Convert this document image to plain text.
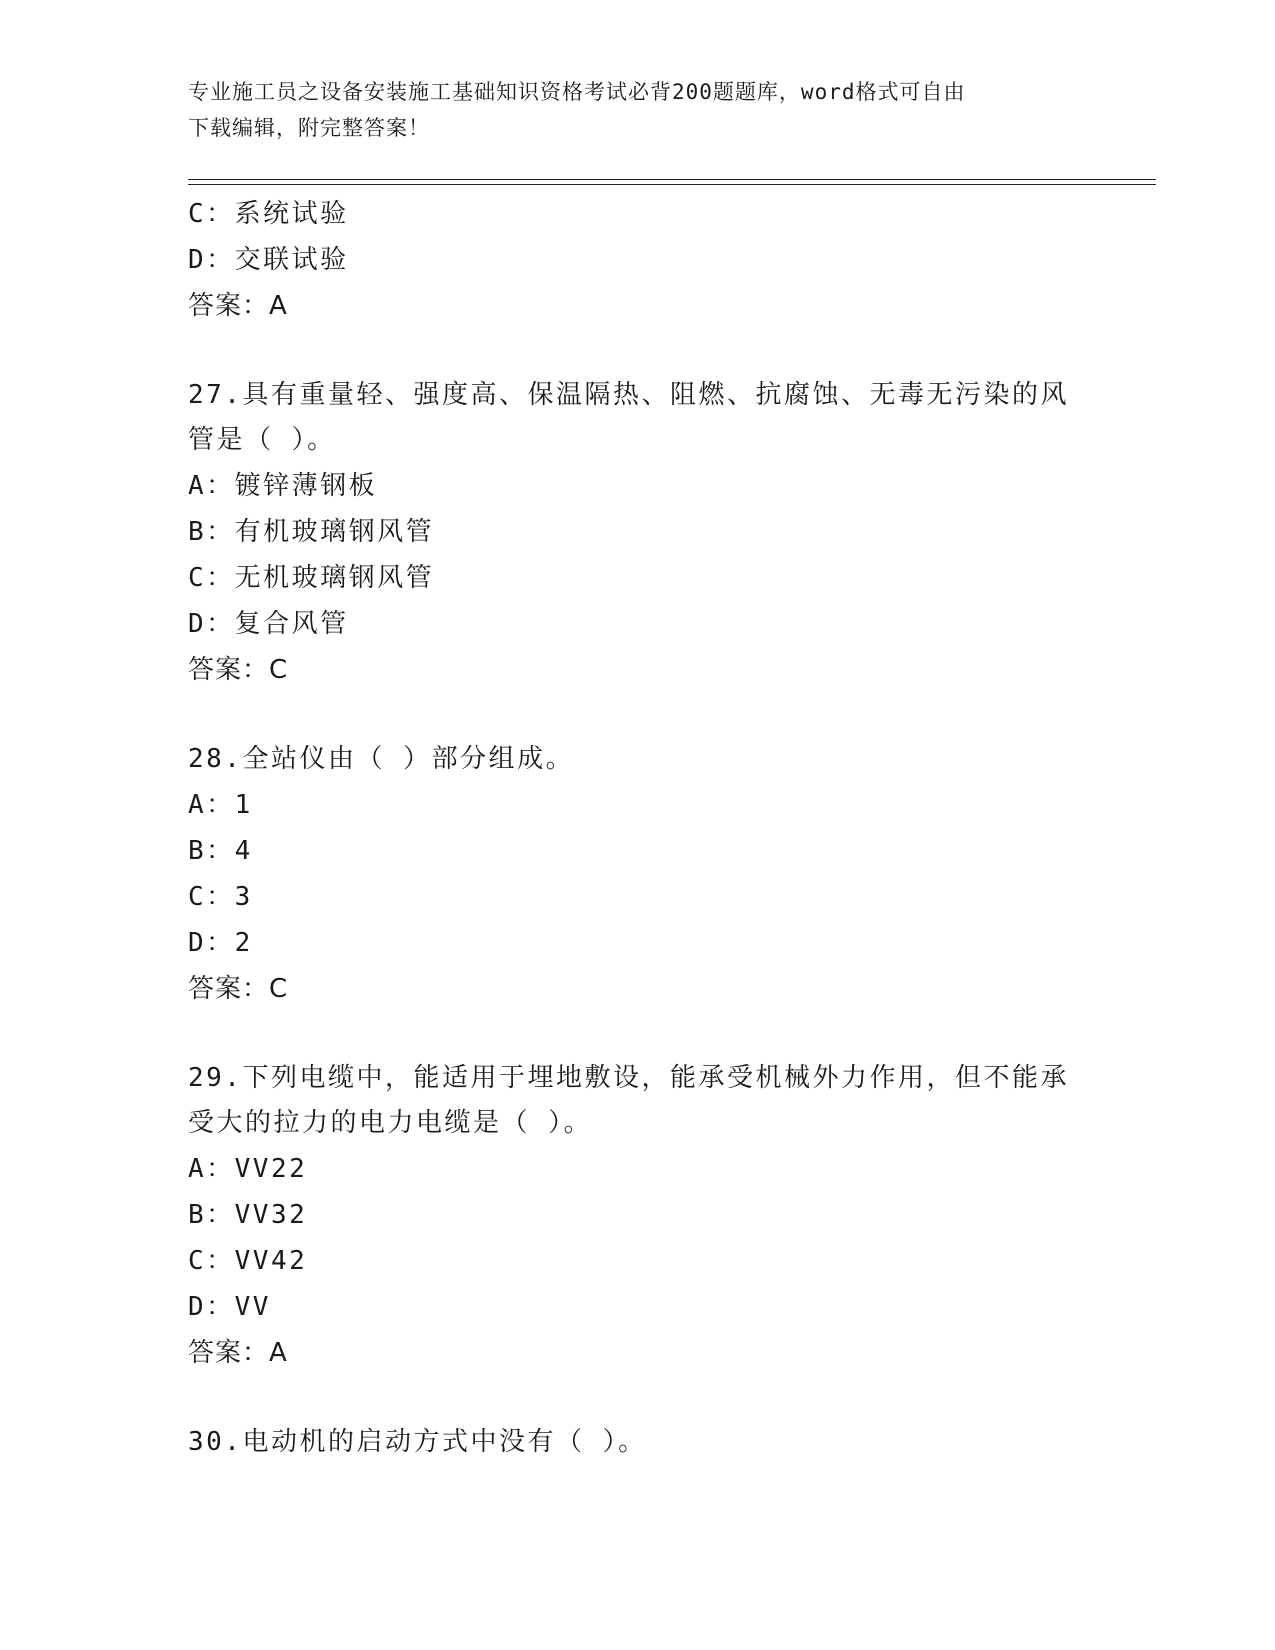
专业施工员之设备安装施工基础知识资格考试必背200题题库，word格式可自由
下载编辑，附完整答案！
C：系统试验
D：交联试验
答案：A
27.具有重量轻、强度高、保温隔热、阻燃、抗腐蚀、无毒无污染的风管是（ ）。
A：镀锌薄钢板
B：有机玻璃钢风管
C：无机玻璃钢风管
D：复合风管
答案：C
28.全站仪由（ ）部分组成。
A：1
B：4
C：3
D：2
答案：C
29.下列电缆中，能适用于埋地敷设，能承受机械外力作用，但不能承受大的拉力的电力电缆是（ ）。
A：VV22
B：VV32
C：VV42
D：VV
答案：A
30.电动机的启动方式中没有（ ）。
